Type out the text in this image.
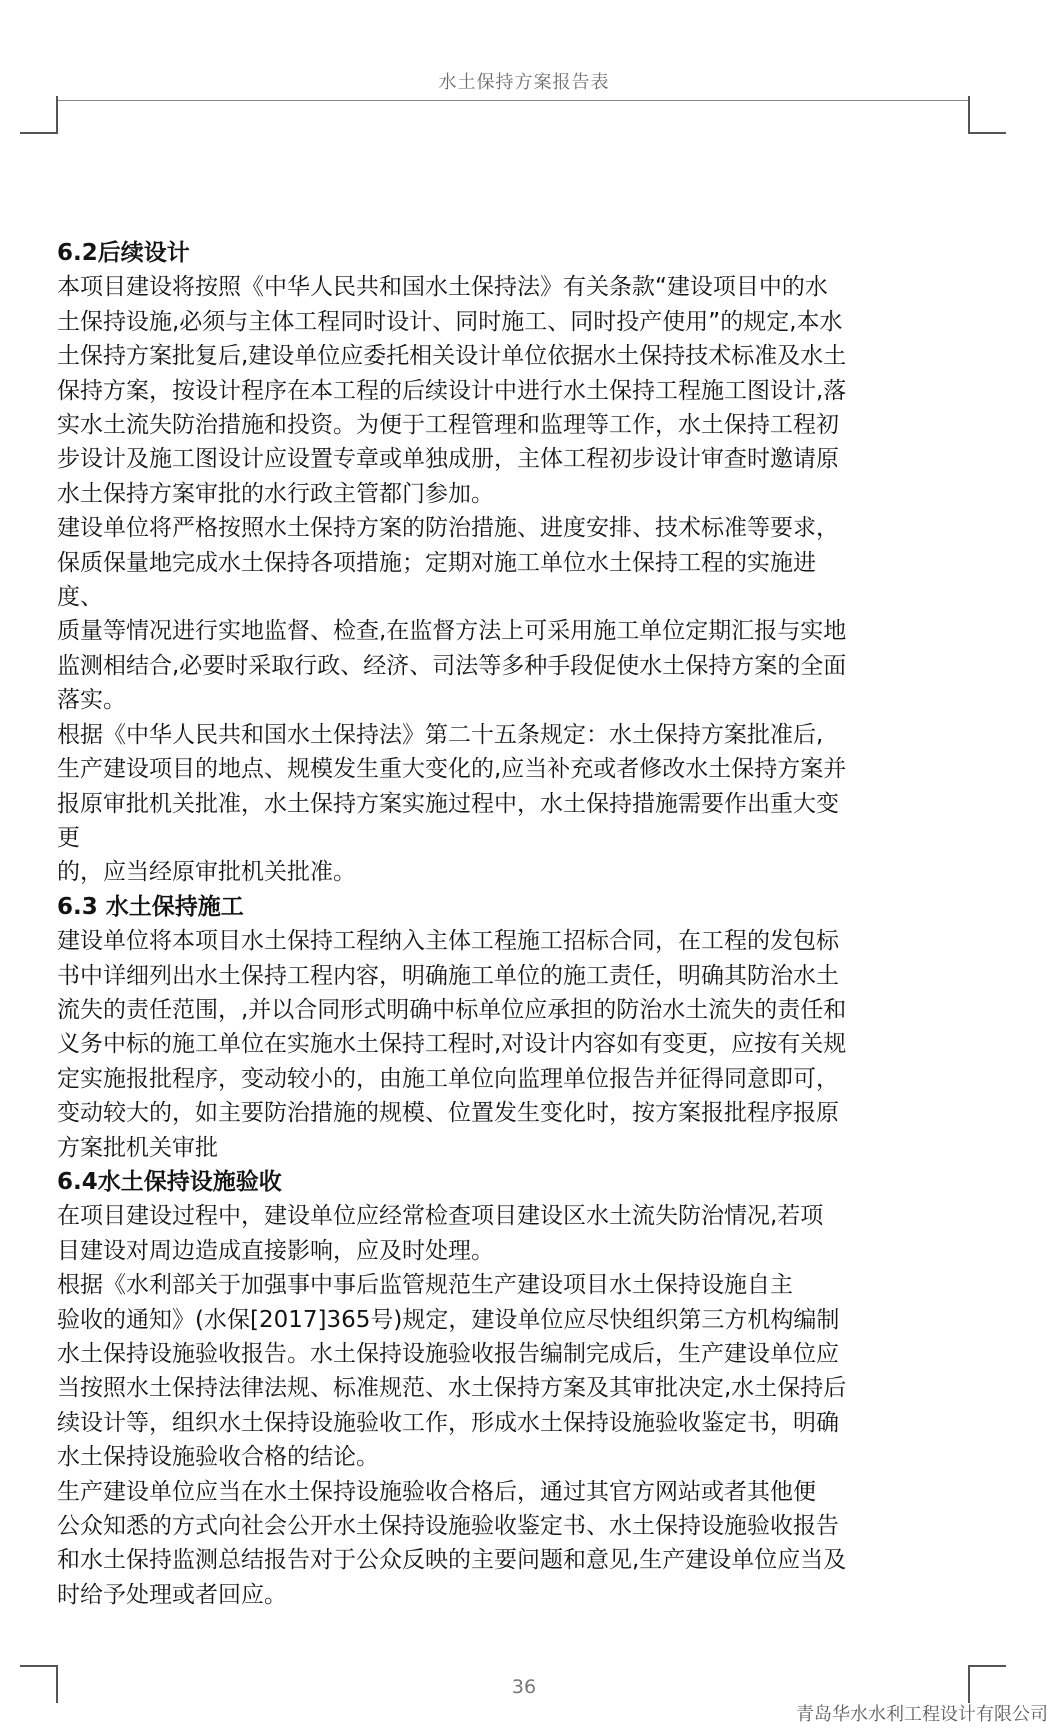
水土保持方案报告表
6.2后续设计
本项目建设将按照《中华人民共和国水土保持法》有关条款“建设项目中的水
土保持设施,必须与主体工程同时设计、同时施工、同时投产使用”的规定,本水
土保持方案批复后,建设单位应委托相关设计单位依据水土保持技术标准及水土
保持方案，按设计程序在本工程的后续设计中进行水土保持工程施工图设计,落
实水土流失防治措施和投资。为便于工程管理和监理等工作，水土保持工程初
步设计及施工图设计应设置专章或单独成册，主体工程初步设计审查时邀请原
水土保持方案审批的水行政主管都门参加。
建设单位将严格按照水土保持方案的防治措施、进度安排、技术标准等要求，
保质保量地完成水土保持各项措施；定期对施工单位水土保持工程的实施进
度、
质量等情况进行实地监督、检查,在监督方法上可采用施工单位定期汇报与实地
监测相结合,必要时采取行政、经济、司法等多种手段促使水土保持方案的全面
落实。
根据《中华人民共和国水土保持法》第二十五条规定：水土保持方案批准后,
生产建设项目的地点、规模发生重大变化的,应当补充或者修改水土保持方案并
报原审批机关批准，水土保持方案实施过程中，水土保持措施需要作出重大变
更
的，应当经原审批机关批准。
6.3 水土保持施工
建设单位将本项目水土保持工程纳入主体工程施工招标合同，在工程的发包标
书中详细列出水土保持工程内容，明确施工单位的施工责任，明确其防治水土
流失的责任范围，,并以合同形式明确中标单位应承担的防治水土流失的责任和
义务中标的施工单位在实施水土保持工程时,对设计内容如有变更，应按有关规
定实施报批程序，变动较小的，由施工单位向监理单位报告并征得同意即可，
变动较大的，如主要防治措施的规模、位置发生变化时，按方案报批程序报原
方案批机关审批
6.4水土保持设施验收
在项目建设过程中，建设单位应经常检查项目建设区水土流失防治情况,若项
目建设对周边造成直接影响，应及时处理。
根据《水利部关于加强事中事后监管规范生产建设项目水土保持设施自主
验收的通知》(水保[2017]365号)规定，建设单位应尽快组织第三方机构编制
水土保持设施验收报告。水土保持设施验收报告编制完成后，生产建设单位应
当按照水土保持法律法规、标准规范、水土保持方案及其审批决定,水土保持后
续设计等，组织水土保持设施验收工作，形成水土保持设施验收鉴定书，明确
水土保持设施验收合格的结论。
生产建设单位应当在水土保持设施验收合格后，通过其官方网站或者其他便
公众知悉的方式向社会公开水土保持设施验收鉴定书、水土保持设施验收报告
和水土保持监测总结报告对于公众反映的主要问题和意见,生产建设单位应当及
时给予处理或者回应。
36
青岛华水水利工程设计有限公司
